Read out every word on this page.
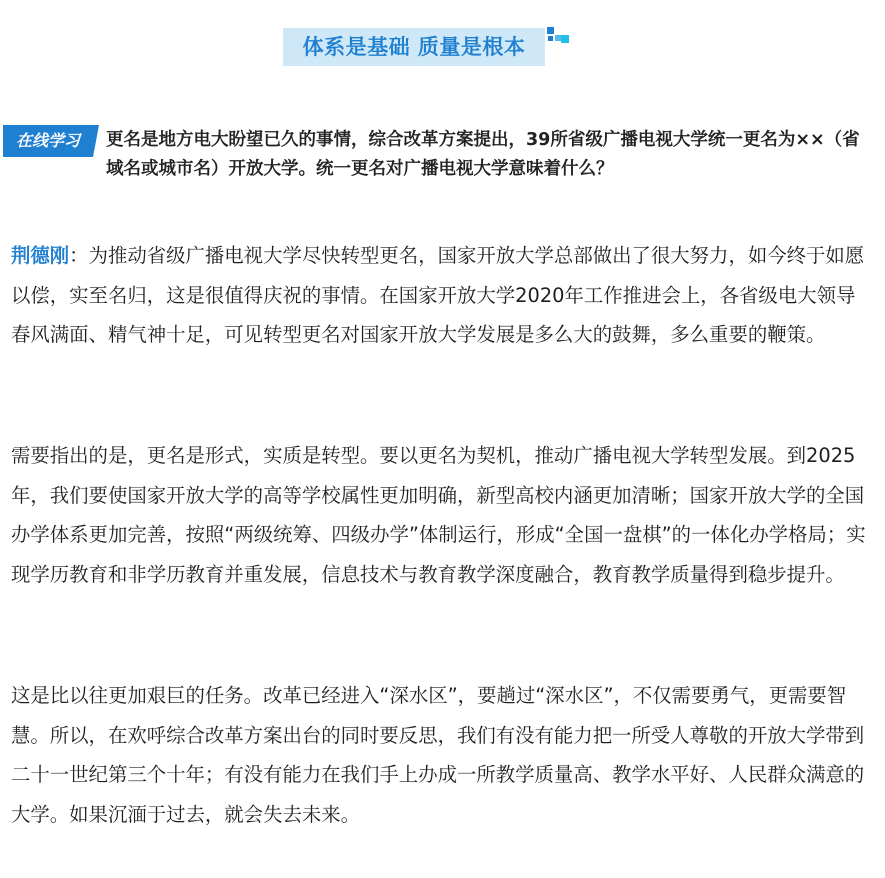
体系是基础 质量是根本
在线学习	更名是地方电大盼望已久的事情，综合改革方案提出，39所省级广播电视大学统一更名为××（省域名或城市名）开放大学。统一更名对广播电视大学意味着什么？
荆德刚：为推动省级广播电视大学尽快转型更名，国家开放大学总部做出了很大努力，如今终于如愿以偿，实至名归，这是很值得庆祝的事情。在国家开放大学2020年工作推进会上，各省级电大领导春风满面、精气神十足，可见转型更名对国家开放大学发展是多么大的鼓舞，多么重要的鞭策。
需要指出的是，更名是形式，实质是转型。要以更名为契机，推动广播电视大学转型发展。到2025年，我们要使国家开放大学的高等学校属性更加明确，新型高校内涵更加清晰；国家开放大学的全国办学体系更加完善，按照“两级统筹、四级办学”体制运行，形成“全国一盘棋”的一体化办学格局；实现学历教育和非学历教育并重发展，信息技术与教育教学深度融合，教育教学质量得到稳步提升。
这是比以往更加艰巨的任务。改革已经进入“深水区”，要趟过“深水区”，不仅需要勇气，更需要智慧。所以，在欢呼综合改革方案出台的同时要反思，我们有没有能力把一所受人尊敬的开放大学带到二十一世纪第三个十年；有没有能力在我们手上办成一所教学质量高、教学水平好、人民群众满意的大学。如果沉湎于过去，就会失去未来。
